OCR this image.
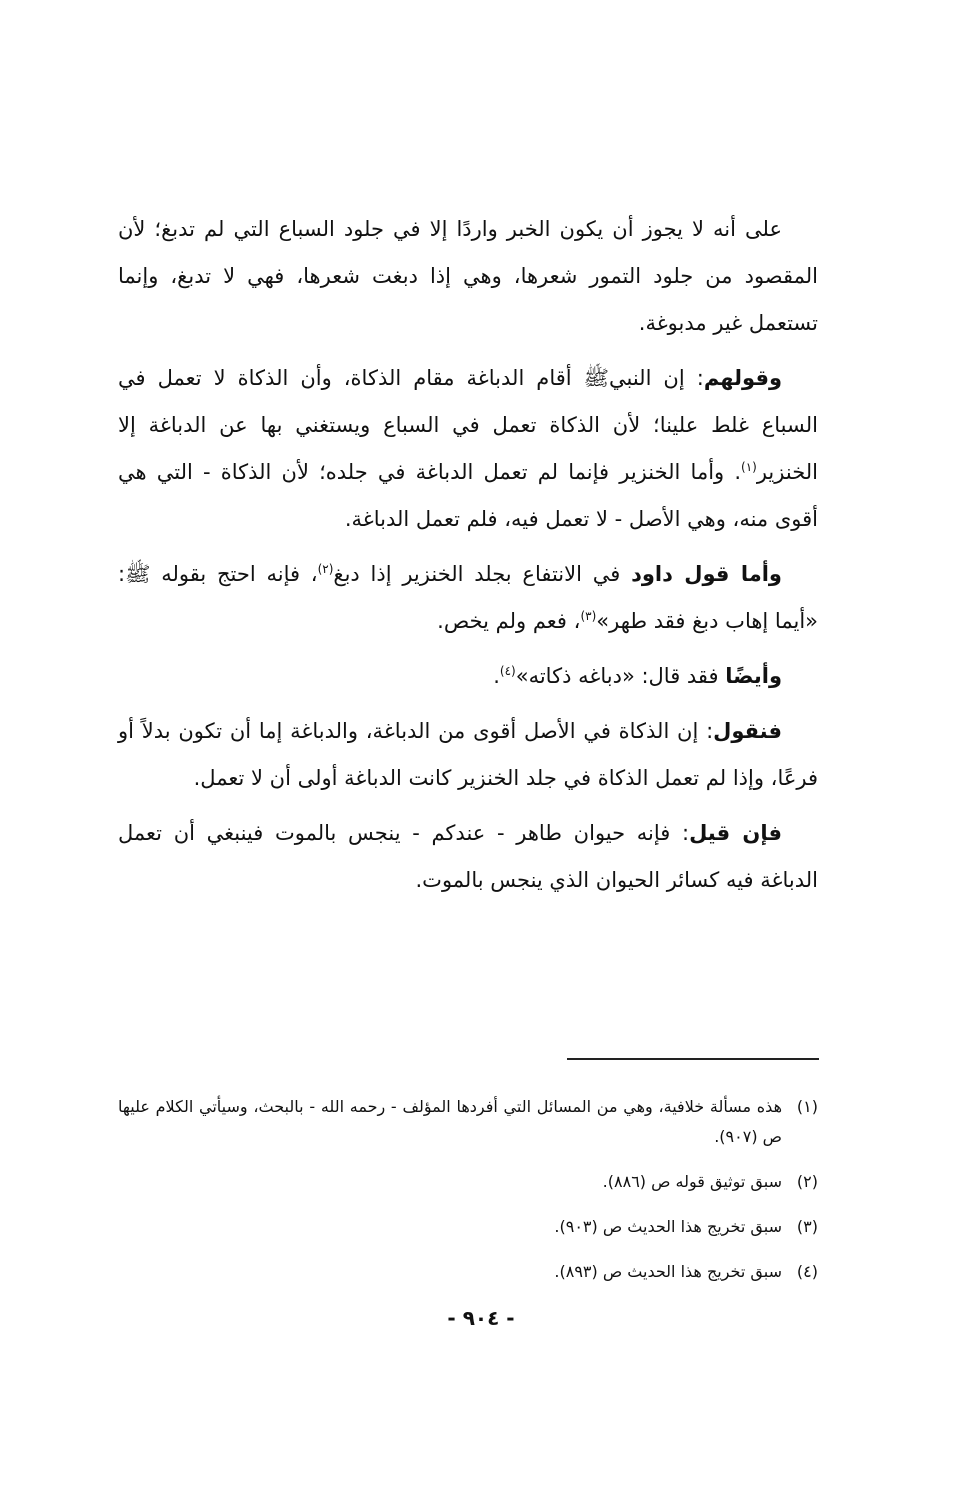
على أنه لا يجوز أن يكون الخبر واردًا إلا في جلود السباع التي لم تدبغ؛ لأن المقصود من جلود التمور شعرها، وهي إذا دبغت شعرها، فهي لا تدبغ، وإنما تستعمل غير مدبوغة.

وقولهم: إن النبيﷺ أقام الدباغة مقام الذكاة، وأن الذكاة لا تعمل في السباع غلط علينا؛ لأن الذكاة تعمل في السباع ويستغني بها عن الدباغة إلا الخنزير$^{(١)}$. وأما الخنزير فإنما لم تعمل الدباغة في جلده؛ لأن الذكاة - التي هي أقوى منه، وهي الأصل - لا تعمل فيه، فلم تعمل الدباغة.

وأما قول داود في الانتفاع بجلد الخنزير إذا دبغ$^{(٢)}$، فإنه احتج بقوله ﷺ: «أيما إهاب دبغ فقد طهر»$^{(٣)}$، فعم ولم يخص.

وأيضًا فقد قال: «دباغه ذكاته»$^{(٤)}$.

فنقول: إن الذكاة في الأصل أقوى من الدباغة، والدباغة إما أن تكون بدلاً أو فرعًا، وإذا لم تعمل الذكاة في جلد الخنزير كانت الدباغة أولى أن لا تعمل.

فإن قيل: فإنه حيوان طاهر - عندكم - ينجس بالموت فينبغي أن تعمل الدباغة فيه كسائر الحيوان الذي ينجس بالموت.

(١)
هذه مسألة خلافية، وهي من المسائل التي أفردها المؤلف - رحمه الله - بالبحث، وسيأتي الكلام عليها ص (٩٠٧).
(٢)
سبق توثيق قوله ص (٨٨٦).
(٣)
سبق تخريج هذا الحديث ص (٩٠٣).
(٤)
سبق تخريج هذا الحديث ص (٨٩٣).
- ٩٠٤ -
